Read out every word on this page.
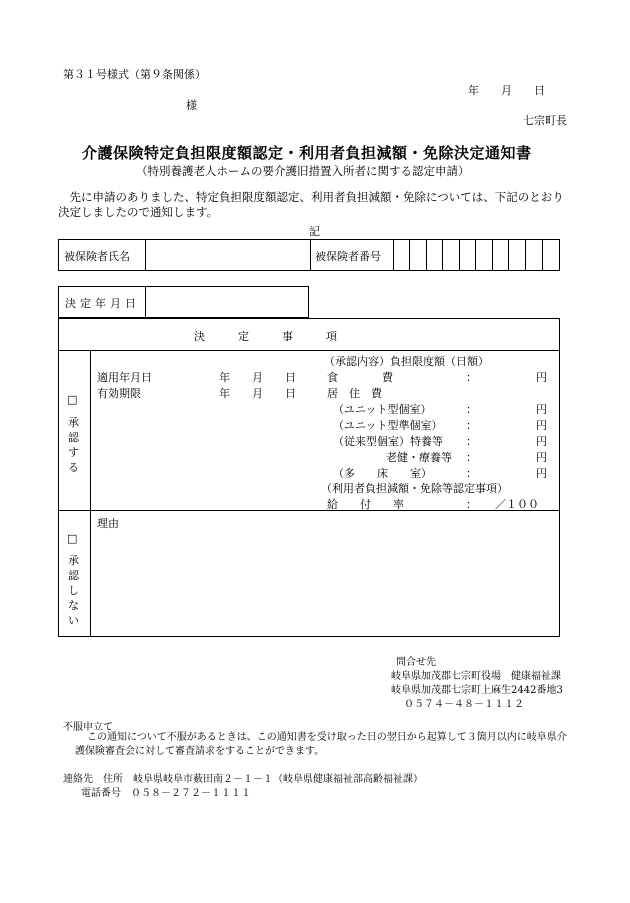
第３１号様式（第９条関係）
年　　月　　日
様
七宗町長
介護保険特定負担限度額認定・利用者負担減額・免除決定通知書
（特別養護老人ホームの要介護旧措置入所者に関する認定申請）
　先に申請のありました、特定負担限度額認定、利用者負担減額・免除については、下記のとおり決定しましたので通知します。
記
被保険者氏名	被保険者番号
決定年月日
決　　　定　　　事　　　項
□
承
認
す
る
適用年月日	年　　月　　日
有効期限	年　　月　　日
（承認内容）負担限度額（日額）
食　　　　費	：	円
居　住　費
（ユニット型個室）	：	円
（ユニット型準個室） ：	円
（従来型個室）特養等 ：	円
老健・療養等 ：	円
（多　　床　　室）	：	円
（利用者負担減額・免除等認定事項）
給　　付　　率	： ／１００
□
承
認
し
な
い
理由
問合せ先
岐阜県加茂郡七宗町役場　健康福祉課
岐阜県加茂郡七宗町上麻生2442番地3
０５７４－４８－１１１２
不服申立て
この通知について不服があるときは、この通知書を受け取った日の翌日から起算して３箇月以内に岐阜県介護保険審査会に対して審査請求をすることができます。
連絡先　住所　岐阜県岐阜市薮田南２－１－１（岐阜県健康福祉部高齢福祉課）
電話番号　０５８－２７２－１１１１
